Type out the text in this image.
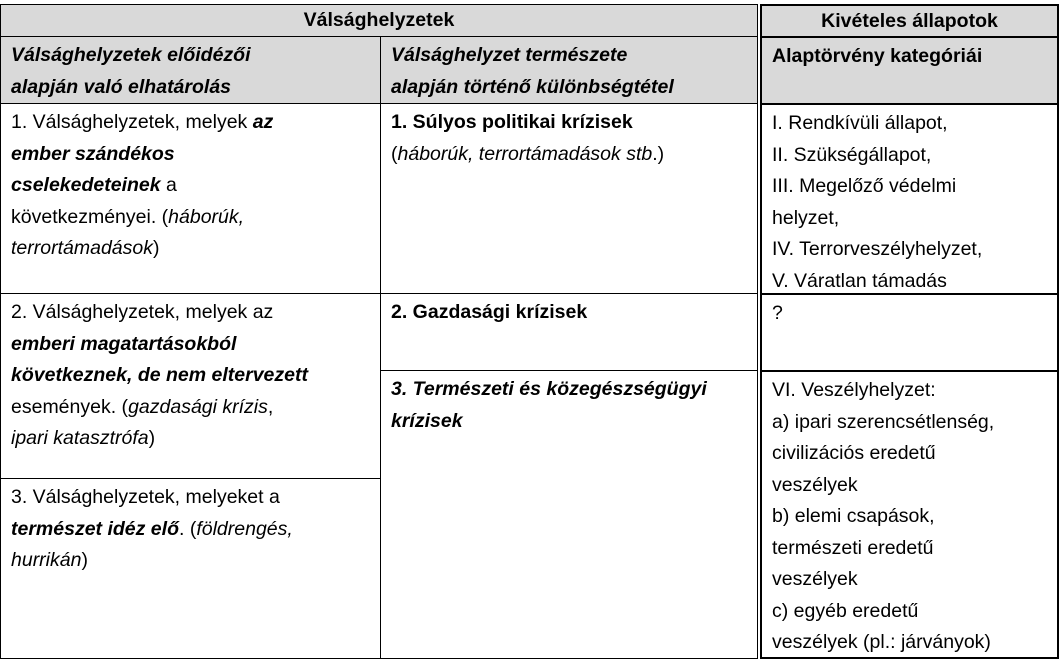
Válsághelyzetek
Válsághelyzetek előidézői
alapján való elhatárolás
Válsághelyzet természete
alapján történő különbségtétel
1. Válsághelyzetek, melyek az
ember szándékos
cselekedeteinek a
következményei. (háborúk,
terrortámadások)
2. Válsághelyzetek, melyek az
emberi magatartásokból
következnek, de nem eltervezett
események. (gazdasági krízis,
ipari katasztrófa)
3. Válsághelyzetek, melyeket a
természet idéz elő. (földrengés,
hurrikán)
1. Súlyos politikai krízisek
(háborúk, terrortámadások stb.)
2. Gazdasági krízisek
3. Természeti és közegészségügyi
krízisek
Kivételes állapotok
Alaptörvény kategóriái
I. Rendkívüli állapot,
II. Szükségállapot,
III. Megelőző védelmi
helyzet,
IV. Terrorveszélyhelyzet,
V. Váratlan támadás
?
VI. Veszélyhelyzet:
a) ipari szerencsétlenség,
civilizációs eredetű
veszélyek
b) elemi csapások,
természeti eredetű
veszélyek
c) egyéb eredetű
veszélyek (pl.: járványok)
